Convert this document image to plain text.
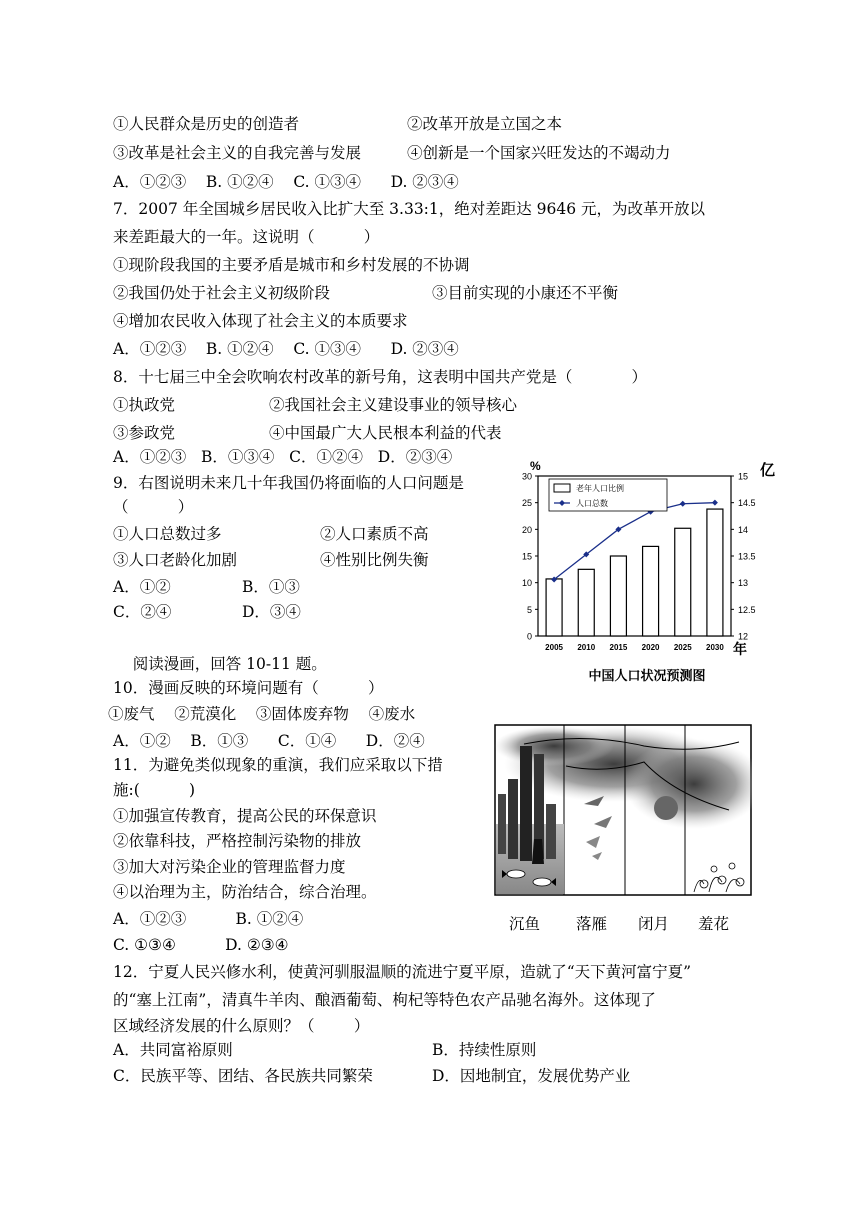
①人民群众是历史的创造者	②改革开放是立国之本
③改革是社会主义的自我完善与发展	④创新是一个国家兴旺发达的不竭动力
A．①②③    B. ①②④    C. ①③④      D. ②③④
7．2007 年全国城乡居民收入比扩大至 3.33:1，绝对差距达 9646 元，为改革开放以
来差距最大的一年。这说明（          ）
①现阶段我国的主要矛盾是城市和乡村发展的不协调
②我国仍处于社会主义初级阶段	③目前实现的小康还不平衡
④增加农民收入体现了社会主义的本质要求
A．①②③    B. ①②④    C. ①③④      D. ②③④
8．十七届三中全会吹响农村改革的新号角，这表明中国共产党是（            ）
①执政党	②我国社会主义建设事业的领导核心
③参政党	④中国最广大人民根本利益的代表
A．①②③   B．①③④   C．①②④   D．②③④
9．右图说明未来几十年我国仍将面临的人口问题是
（          ）
①人口总数过多	②人口素质不高
③人口老龄化加剧	④性别比例失衡
A．①②	B．①③
C．②④	D．③④
0
5
10
15
20
25
30
12
12.5
13
13.5
14
14.5
15
%	亿
2005 2010 2015 2020 2025 2030 年
老年人口比例
人口总数
中国人口状况预测图
阅读漫画，回答 10-11 题。
10．漫画反映的环境问题有（          ）
①废气    ②荒漠化    ③固体废弃物    ④废水
A．①②    B．①③      C．①④      D．②④
11．为避免类似现象的重演，我们应采取以下措
施:(          )
①加强宣传教育，提高公民的环保意识
②依靠科技，严格控制污染物的排放
③加大对污染企业的管理监督力度
④以治理为主，防治结合，综合治理。
A．①②③          B. ①②④
C. ①③④          D. ②③④
沉鱼 落雁 闭月 羞花
12．宁夏人民兴修水利，使黄河驯服温顺的流进宁夏平原，造就了“天下黄河富宁夏”
的“塞上江南”，清真牛羊肉、酿酒葡萄、枸杞等特色农产品驰名海外。这体现了
区域经济发展的什么原则？（        ）
A．共同富裕原则	B．持续性原则
C．民族平等、团结、各民族共同繁荣	D．因地制宜，发展优势产业
